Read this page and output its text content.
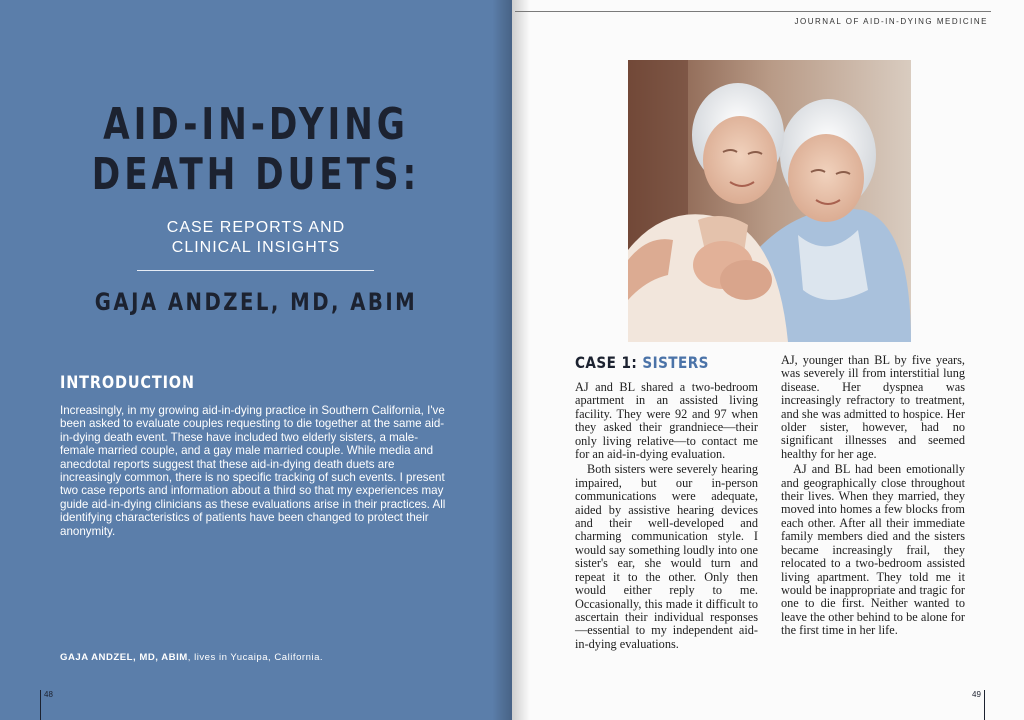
AID-IN-DYING
DEATH DUETS:
CASE REPORTS AND
CLINICAL INSIGHTS
GAJA ANDZEL, MD, ABIM
INTRODUCTION
Increasingly, in my growing aid-in-dying practice in Southern California, I've been asked to evaluate couples requesting to die together at the same aid-in-dying death event. These have included two elderly sisters, a male-female married couple, and a gay male married couple. While media and anecdotal reports suggest that these aid-in-dying death duets are increasingly common, there is no specific tracking of such events. I present two case reports and information about a third so that my experiences may guide aid-in-dying clinicians as these evaluations arise in their practices. All identifying characteristics of patients have been changed to protect their anonymity.
GAJA ANDZEL, MD, ABIM, lives in Yucaipa, California.
48
JOURNAL OF AID-IN-DYING MEDICINE
CASE 1: SISTERS

AJ and BL shared a two-bedroom apartment in an assisted living facility. They were 92 and 97 when they asked their grandniece—their only living relative—to contact me for an aid-in-dying evaluation.

Both sisters were severely hearing impaired, but our in-person communications were adequate, aided by assistive hearing devices and their well-developed and charming communication style. I would say something loudly into one sister's ear, she would turn and repeat it to the other. Only then would either reply to me. Occasionally, this made it difficult to ascertain their individual responses—essential to my independent aid-in-dying evaluations.

AJ, younger than BL by five years, was severely ill from interstitial lung disease. Her dyspnea was increasingly refractory to treatment, and she was admitted to hospice. Her older sister, however, had no significant illnesses and seemed healthy for her age.

AJ and BL had been emotionally and geographically close throughout their lives. When they married, they moved into homes a few blocks from each other. After all their immediate family members died and the sisters became increasingly frail, they relocated to a two-bedroom assisted living apartment. They told me it would be inappropriate and tragic for one to die first. Neither wanted to leave the other behind to be alone for the first time in her life.

49
